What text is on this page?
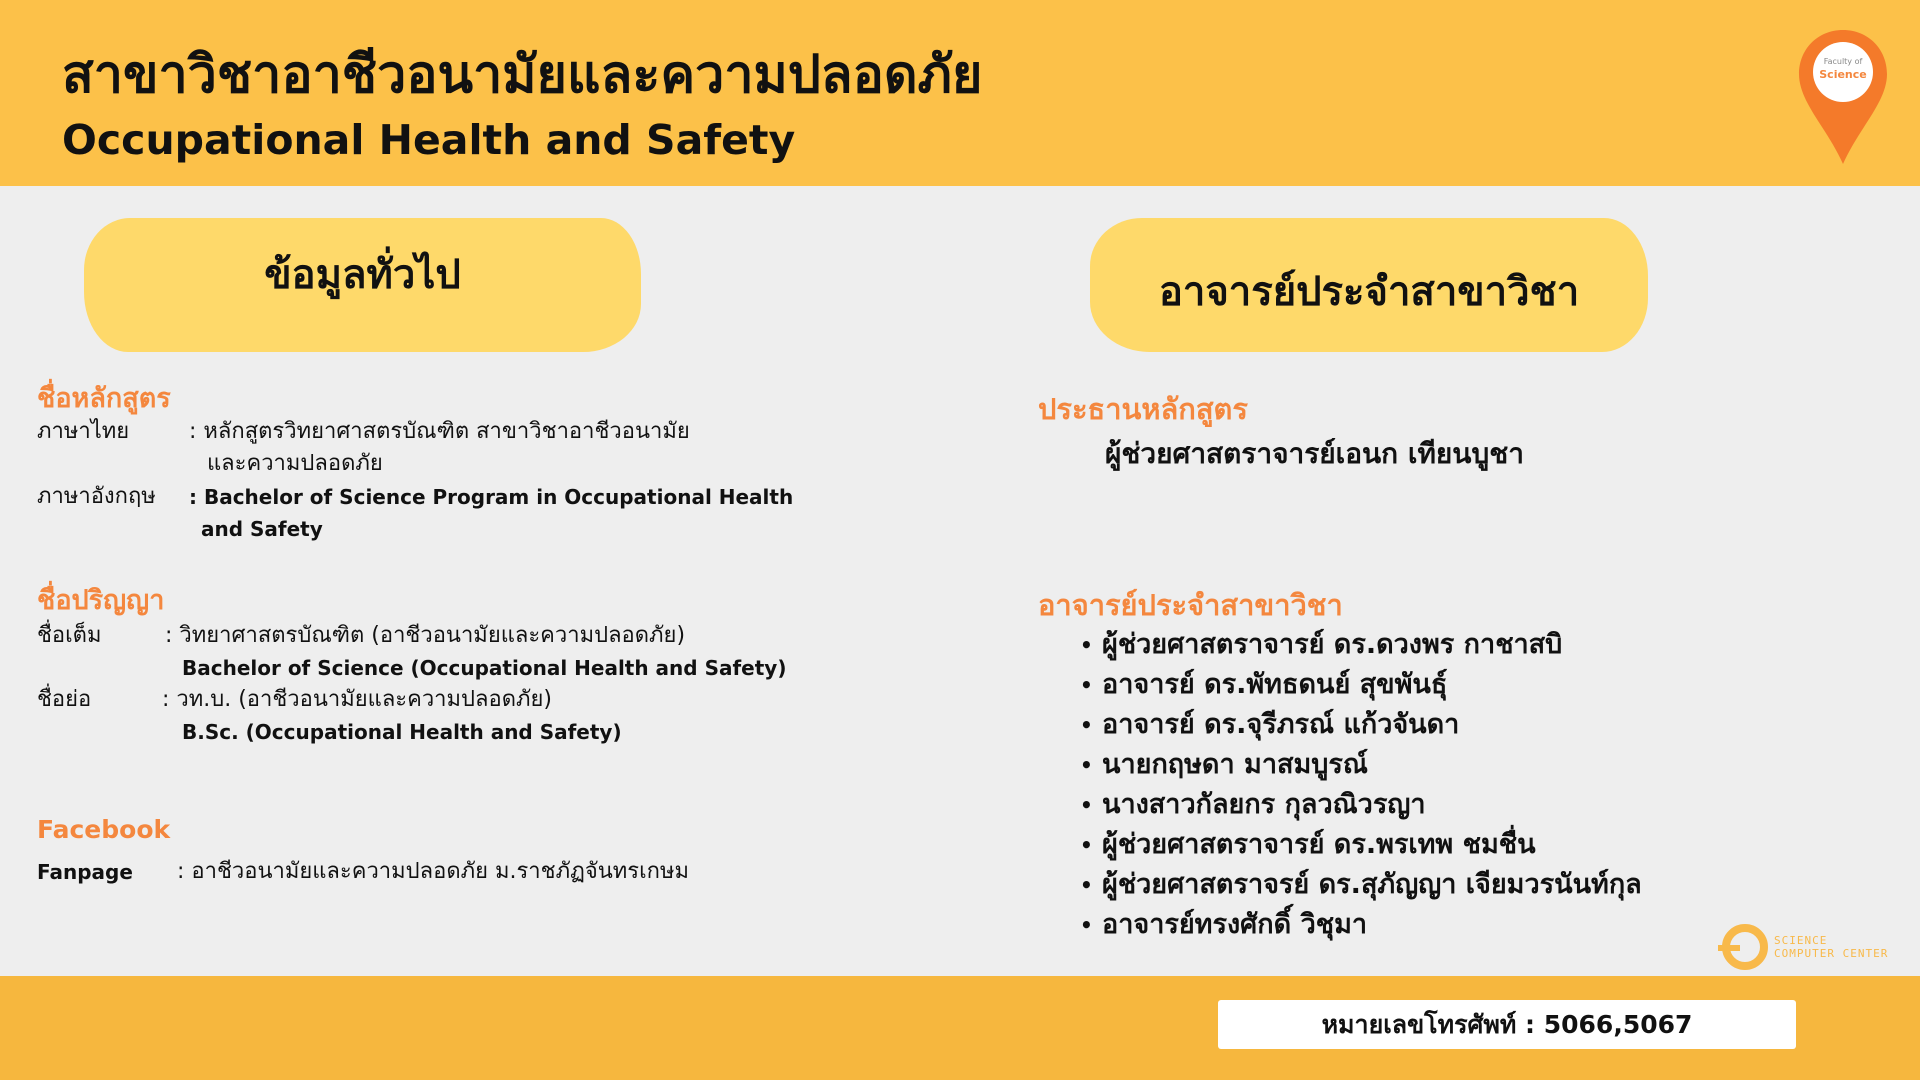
สาขาวิชาอาชีวอนามัยและความปลอดภัย
Occupational Health and Safety
Faculty of
Science
ข้อมูลทั่วไป
ชื่อหลักสูตร
ภาษาไทย	: หลักสูตรวิทยาศาสตรบัณฑิต สาขาวิชาอาชีวอนามัย
และความปลอดภัย
ภาษาอังกฤษ : Bachelor of Science Program in Occupational Health
and Safety
ชื่อปริญญา
ชื่อเต็ม	: วิทยาศาสตรบัณฑิต (อาชีวอนามัยและความปลอดภัย)
Bachelor of Science (Occupational Health and Safety)
ชื่อย่อ	: วท.บ. (อาชีวอนามัยและความปลอดภัย)
B.Sc. (Occupational Health and Safety)
Facebook
Fanpage : อาชีวอนามัยและความปลอดภัย ม.ราชภัฏจันทรเกษม
อาจารย์ประจำสาขาวิชา
ประธานหลักสูตร
ผู้ช่วยศาสตราจารย์เอนก เทียนบูชา
อาจารย์ประจำสาขาวิชา
• ผู้ช่วยศาสตราจารย์ ดร.ดวงพร กาชาสบิ
• อาจารย์ ดร.พัทธดนย์ สุขพันธุ์
• อาจารย์ ดร.จุรีภรณ์ แก้วจันดา
• นายกฤษดา มาสมบูรณ์
• นางสาวกัลยกร กุลวณิวรญา
• ผู้ช่วยศาสตราจารย์ ดร.พรเทพ ชมชื่น
• ผู้ช่วยศาสตราจรย์ ดร.สุภัญญา เจียมวรนันท์กุล
• อาจารย์ทรงศักดิ์ วิชุมา
SCIENCE
COMPUTER CENTER
หมายเลขโทรศัพท์ : 5066,5067
